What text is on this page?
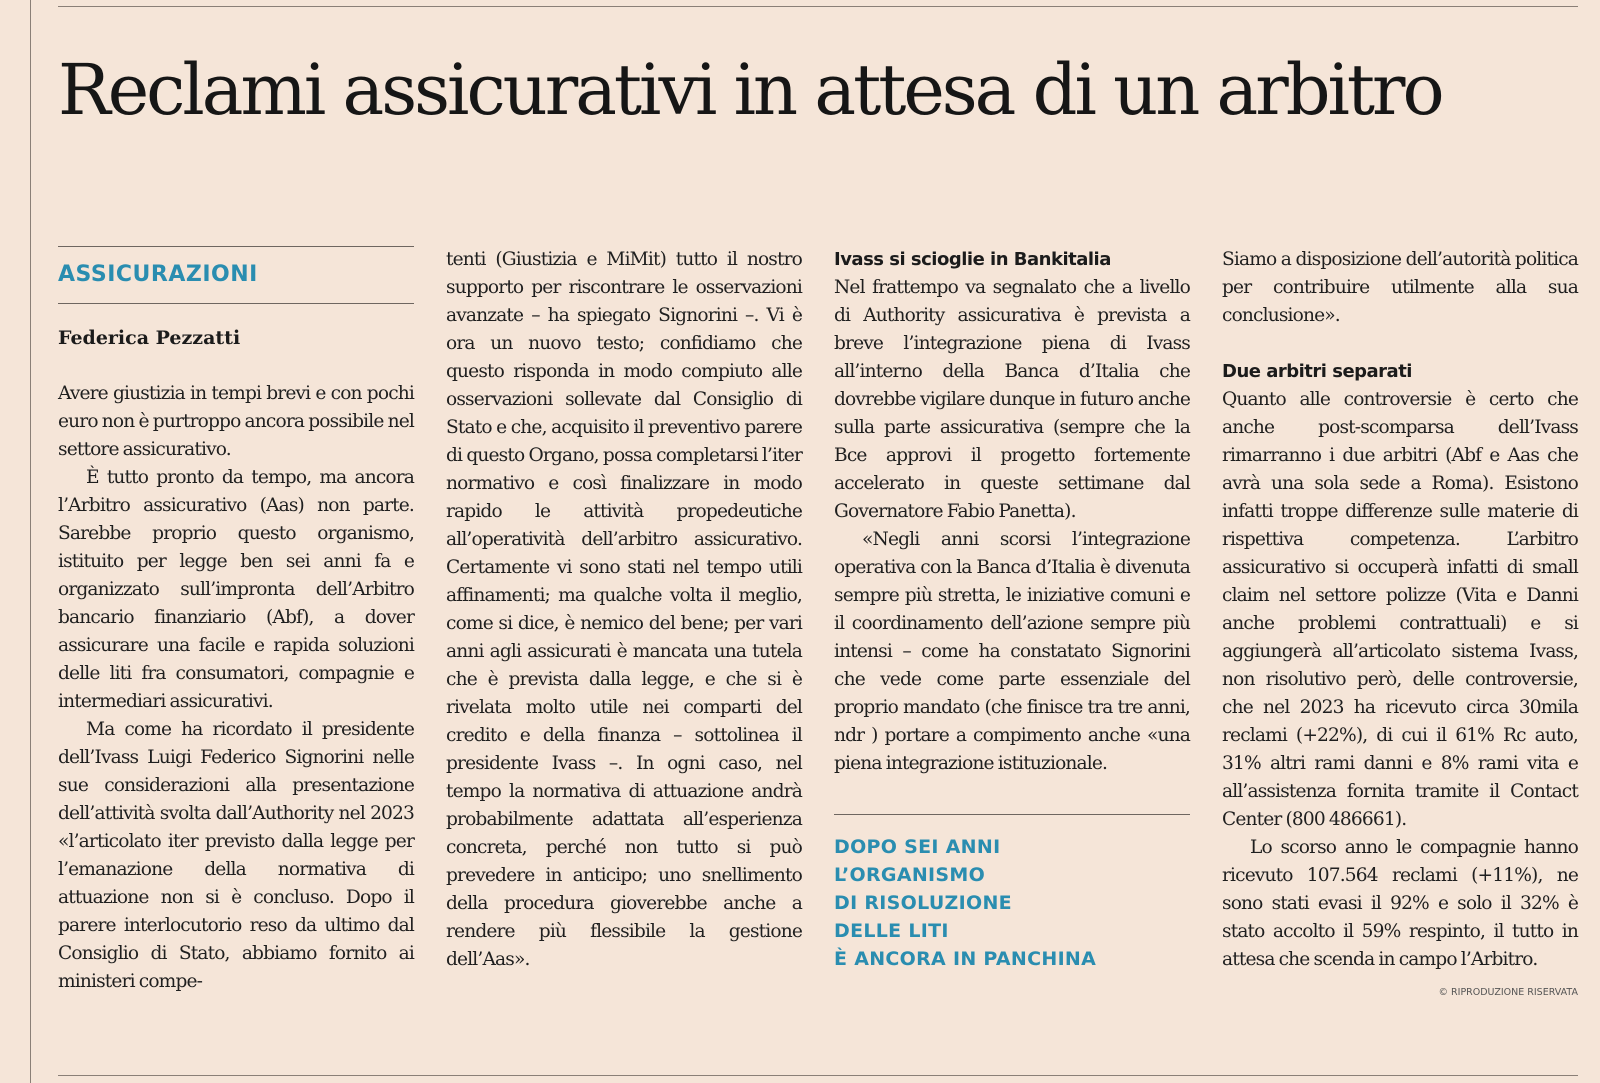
Reclami assicurativi in attesa di un arbitro
ASSICURAZIONI
Federica Pezzatti

Avere giustizia in tempi brevi e con pochi euro non è purtroppo ancora possibile nel settore assicurativo.

È tutto pronto da tempo, ma ancora l’Arbitro assicurativo (Aas) non parte. Sarebbe proprio questo organismo, istituito per legge ben sei anni fa e organizzato sull’impronta dell’Arbitro bancario finanziario (Abf), a dover assicurare una facile e rapida soluzioni delle liti fra consumatori, compagnie e intermediari assicurativi.

Ma come ha ricordato il presidente dell’Ivass Luigi Federico Signorini nelle sue considerazioni alla presentazione dell’attività svolta dall’Authority nel 2023 «l’articolato iter previsto dalla legge per l’emanazione della normativa di attuazione non si è concluso. Dopo il parere interlocutorio reso da ultimo dal Consiglio di Stato, abbiamo fornito ai ministeri compe-

tenti (Giustizia e MiMit) tutto il nostro supporto per riscontrare le osservazioni avanzate – ha spiegato Signorini –. Vi è ora un nuovo testo; confidiamo che questo risponda in modo compiuto alle osservazioni sollevate dal Consiglio di Stato e che, acquisito il preventivo parere di questo Organo, possa completarsi l’iter normativo e così finalizzare in modo rapido le attività propedeutiche all’operatività dell’arbitro assicurativo. Certamente vi sono stati nel tempo utili affinamenti; ma qualche volta il meglio, come si dice, è nemico del bene; per vari anni agli assicurati è mancata una tutela che è prevista dalla legge, e che si è rivelata molto utile nei comparti del credito e della finanza – sottolinea il presidente Ivass –. In ogni caso, nel tempo la normativa di attuazione andrà probabilmente adattata all’esperienza concreta, perché non tutto si può prevedere in anticipo; uno snellimento della procedura gioverebbe anche a rendere più flessibile la gestione dell’Aas».

Ivass si scioglie in Bankitalia

Nel frattempo va segnalato che a livello di Authority assicurativa è prevista a breve l’integrazione piena di Ivass all’interno della Banca d’Italia che dovrebbe vigilare dunque in futuro anche sulla parte assicurativa (sempre che la Bce approvi il progetto fortemente accelerato in queste settimane dal Governatore Fabio Panetta).

«Negli anni scorsi l’integrazione operativa con la Banca d’Italia è divenuta sempre più stretta, le iniziative comuni e il coordinamento dell’azione sempre più intensi – come ha constatato Signorini che vede come parte essenziale del proprio mandato (che finisce tra tre anni, ndr ) portare a compimento anche «una piena integrazione istituzionale.

DOPO SEI ANNI
L’ORGANISMO
DI RISOLUZIONE
DELLE LITI
È ANCORA IN PANCHINA

Siamo a disposizione dell’autorità politica per contribuire utilmente alla sua conclusione».

Due arbitri separati

Quanto alle controversie è certo che anche post-scomparsa dell’Ivass rimarranno i due arbitri (Abf e Aas che avrà una sola sede a Roma). Esistono infatti troppe differenze sulle materie di rispettiva competenza. L’arbitro assicurativo si occuperà infatti di small claim nel settore polizze (Vita e Danni anche problemi contrattuali) e si aggiungerà all’articolato sistema Ivass, non risolutivo però, delle controversie, che nel 2023 ha ricevuto circa 30mila reclami (+22%), di cui il 61% Rc auto, 31% altri rami danni e 8% rami vita e all’assistenza fornita tramite il Contact Center (800 486661).

Lo scorso anno le compagnie hanno ricevuto 107.564 reclami (+11%), ne sono stati evasi il 92% e solo il 32% è stato accolto il 59% respinto, il tutto in attesa che scenda in campo l’Arbitro.

© RIPRODUZIONE RISERVATA
